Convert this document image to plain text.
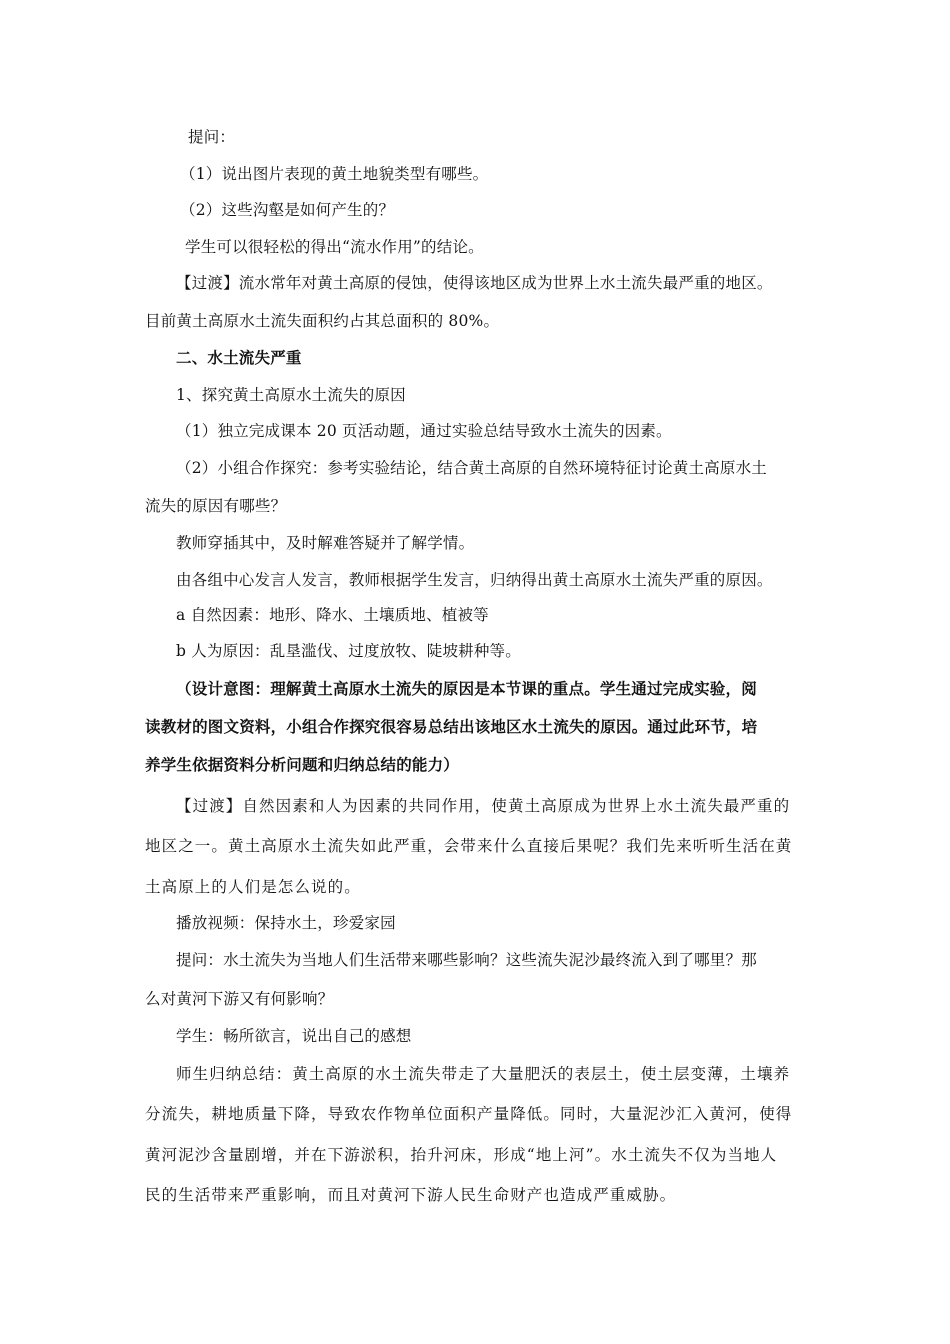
提问：
（1）说出图片表现的黄土地貌类型有哪些。
（2）这些沟壑是如何产生的？
学生可以很轻松的得出“流水作用”的结论。
【过渡】流水常年对黄土高原的侵蚀，使得该地区成为世界上水土流失最严重的地区。
目前黄土高原水土流失面积约占其总面积的 80%。
二、水土流失严重
1、探究黄土高原水土流失的原因
（1）独立完成课本 20 页活动题，通过实验总结导致水土流失的因素。
（2）小组合作探究：参考实验结论，结合黄土高原的自然环境特征讨论黄土高原水土
流失的原因有哪些？
教师穿插其中，及时解难答疑并了解学情。
由各组中心发言人发言，教师根据学生发言，归纳得出黄土高原水土流失严重的原因。
a 自然因素：地形、降水、土壤质地、植被等
b 人为原因：乱垦滥伐、过度放牧、陡坡耕种等。
（设计意图：理解黄土高原水土流失的原因是本节课的重点。学生通过完成实验，阅
读教材的图文资料，小组合作探究很容易总结出该地区水土流失的原因。通过此环节，培
养学生依据资料分析问题和归纳总结的能力）
【过渡】自然因素和人为因素的共同作用，使黄土高原成为世界上水土流失最严重的
地区之一。黄土高原水土流失如此严重，会带来什么直接后果呢？我们先来听听生活在黄
土高原上的人们是怎么说的。
播放视频：保持水土，珍爱家园
提问：水土流失为当地人们生活带来哪些影响？这些流失泥沙最终流入到了哪里？那
么对黄河下游又有何影响？
学生：畅所欲言，说出自己的感想
师生归纳总结：黄土高原的水土流失带走了大量肥沃的表层土，使土层变薄，土壤养
分流失，耕地质量下降，导致农作物单位面积产量降低。同时，大量泥沙汇入黄河，使得
黄河泥沙含量剧增，并在下游淤积，抬升河床，形成“地上河”。水土流失不仅为当地人
民的生活带来严重影响，而且对黄河下游人民生命财产也造成严重威胁。
